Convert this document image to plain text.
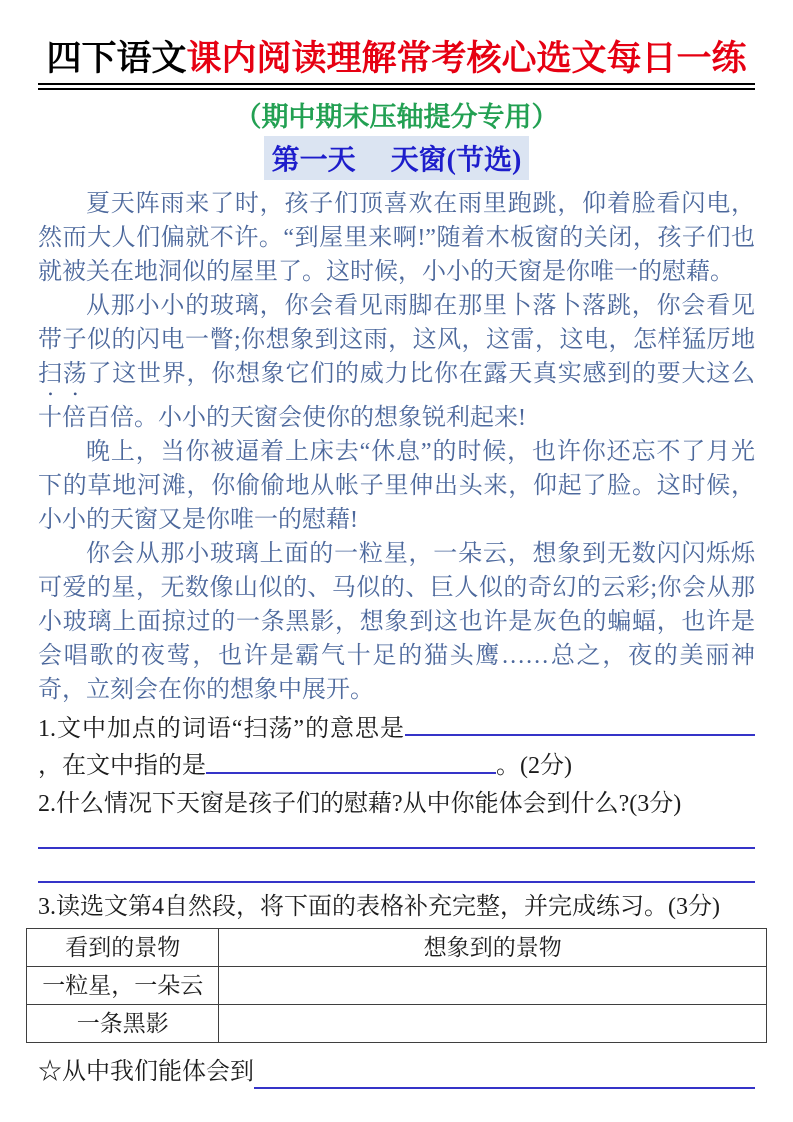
四下语文课内阅读理解常考核心选文每日一练
（期中期末压轴提分专用）
第一天　 天窗(节选)

夏天阵雨来了时，孩子们顶喜欢在雨里跑跳，仰着脸看闪电，然而大人们偏就不许。“到屋里来啊!”随着木板窗的关闭，孩子们也就被关在地洞似的屋里了。这时候，小小的天窗是你唯一的慰藉。

从那小小的玻璃，你会看见雨脚在那里卜落卜落跳，你会看见带子似的闪电一瞥;你想象到这雨，这风，这雷，这电，怎样猛厉地扫荡了这世界，你想象它们的威力比你在露天真实感到的要大这么十倍百倍。小小的天窗会使你的想象锐利起来!

晚上，当你被逼着上床去“休息”的时候，也许你还忘不了月光下的草地河滩，你偷偷地从帐子里伸出头来，仰起了脸。这时候，小小的天窗又是你唯一的慰藉!

你会从那小玻璃上面的一粒星，一朵云，想象到无数闪闪烁烁可爱的星，无数像山似的、马似的、巨人似的奇幻的云彩;你会从那小玻璃上面掠过的一条黑影，想象到这也许是灰色的蝙蝠，也许是会唱歌的夜莺，也许是霸气十足的猫头鹰……总之，夜的美丽神奇，立刻会在你的想象中展开。

1.文中加点的词语“扫荡”的意思是，在文中指的是	。(2分)
2.什么情况下天窗是孩子们的慰藉?从中你能体会到什么?(3分)
3.读选文第4自然段，将下面的表格补充完整，并完成练习。(3分)
看到的景物	想象到的景物
一粒星，一朵云	
一条黑影	
☆从中我们能体会到
